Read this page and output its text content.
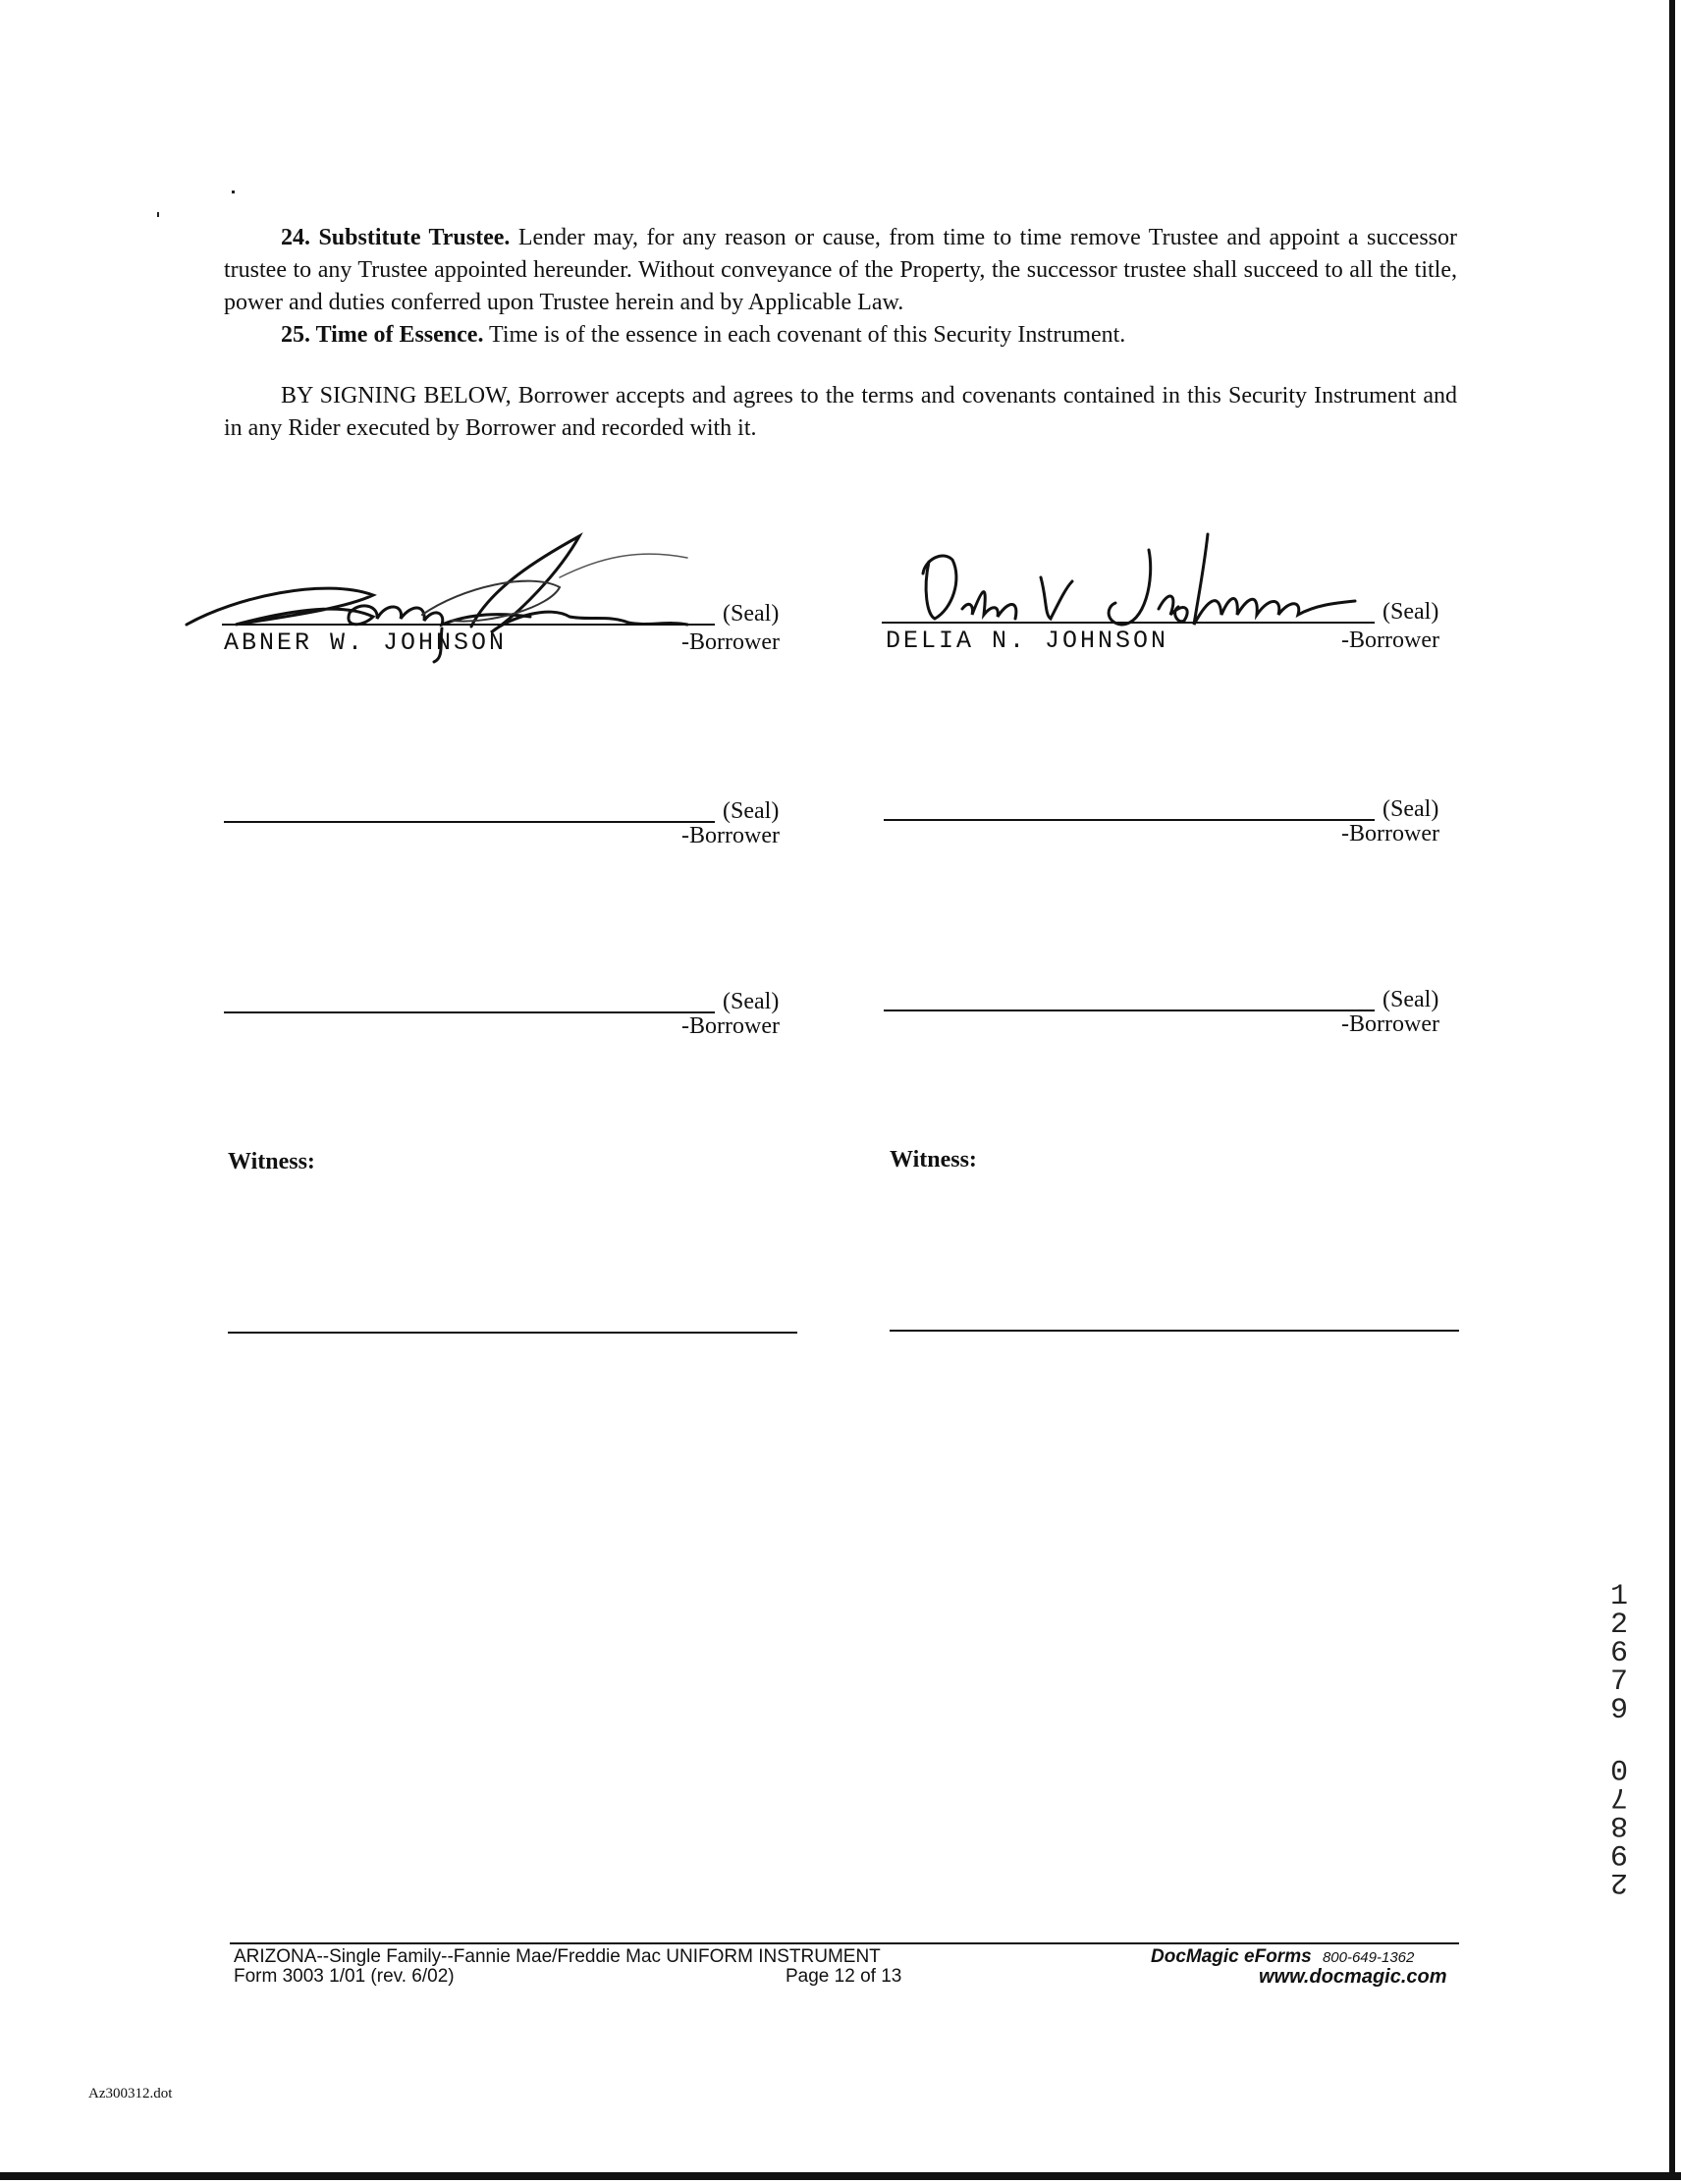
24. Substitute Trustee. Lender may, for any reason or cause, from time to time remove Trustee and appoint a successor trustee to any Trustee appointed hereunder. Without conveyance of the Property, the successor trustee shall succeed to all the title, power and duties conferred upon Trustee herein and by Applicable Law.
25. Time of Essence. Time is of the essence in each covenant of this Security Instrument.
BY SIGNING BELOW, Borrower accepts and agrees to the terms and covenants contained in this Security Instrument and in any Rider executed by Borrower and recorded with it.
(Seal)
ABNER W. JOHNSON	-Borrower
(Seal)
DELIA N. JOHNSON	-Borrower
(Seal)
-Borrower
(Seal)
-Borrower
(Seal)
-Borrower
(Seal)
-Borrower
Witness:	Witness:
1
2
6
7
9
0
7
8
9
2
ARIZONA--Single Family--Fannie Mae/Freddie Mac UNIFORM INSTRUMENT
Form 3003 1/01 (rev. 6/02)	Page 12 of 13
DocMagic eForms 800-649-1362
www.docmagic.com
Az300312.dot
